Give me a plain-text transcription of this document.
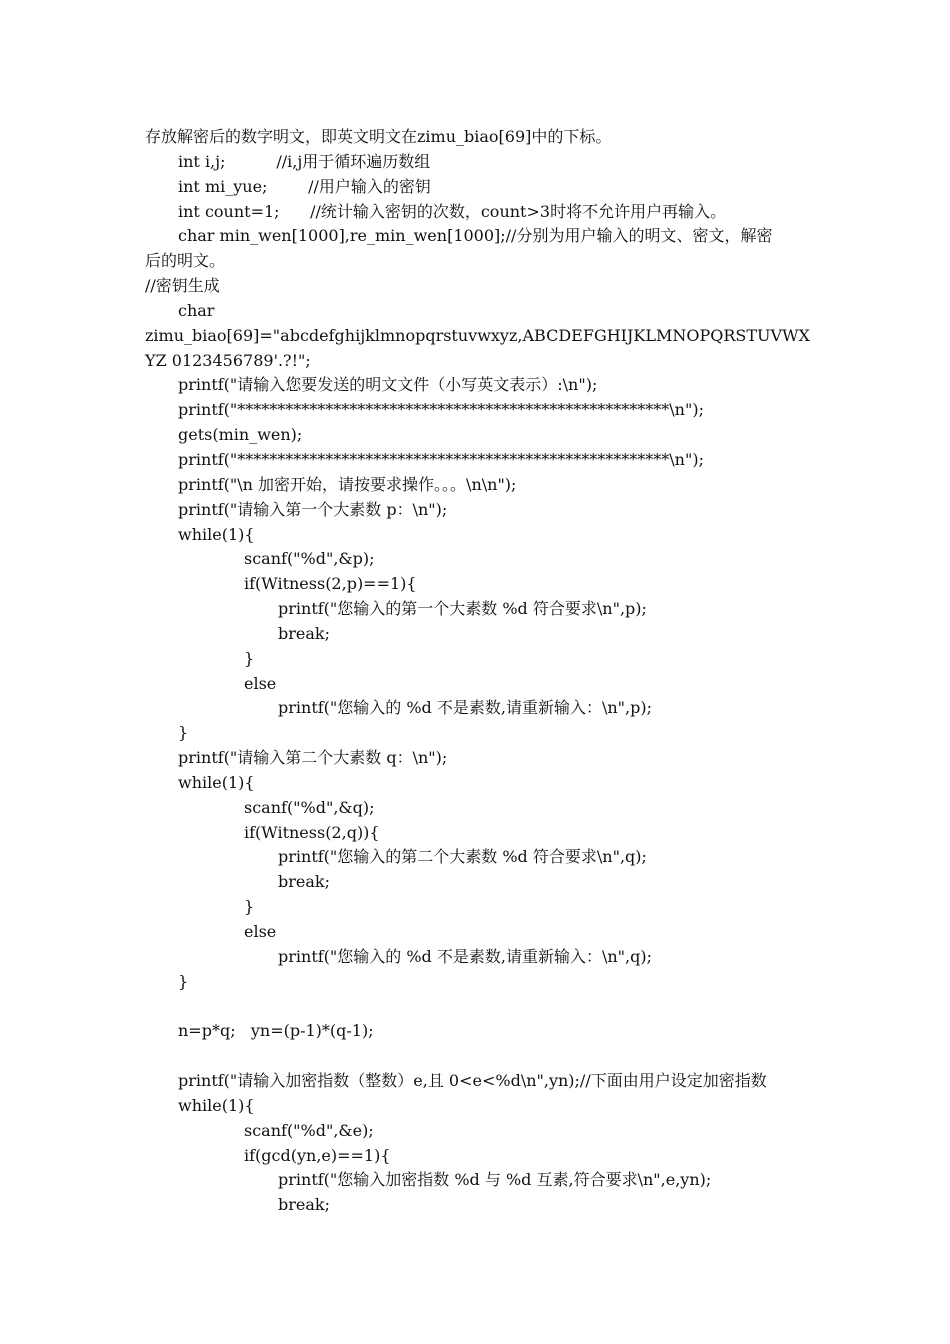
存放解密后的数字明文，即英文明文在zimu_biao[69]中的下标。
int i,j;          //i,j用于循环遍历数组
int mi_yue;        //用户输入的密钥
int count=1;      //统计输入密钥的次数，count>3时将不允许用户再输入。
char min_wen[1000],re_min_wen[1000];//分别为用户输入的明文、密文，解密
后的明文。
//密钥生成
char
zimu_biao[69]="abcdefghijklmnopqrstuvwxyz,ABCDEFGHIJKLMNOPQRSTUVWX
YZ 0123456789'.?!";
printf("请输入您要发送的明文文件（小写英文表示）:\n");
printf("******************************************************\n");
gets(min_wen);
printf("******************************************************\n");
printf("\n 加密开始，请按要求操作。。。\n\n");
printf("请输入第一个大素数 p：\n");
while(1){
scanf("%d",&p);
if(Witness(2,p)==1){
printf("您输入的第一个大素数 %d 符合要求\n",p);
break;
}
else
printf("您输入的 %d 不是素数,请重新输入：\n",p);
}
printf("请输入第二个大素数 q：\n");
while(1){
scanf("%d",&q);
if(Witness(2,q)){
printf("您输入的第二个大素数 %d 符合要求\n",q);
break;
}
else
printf("您输入的 %d 不是素数,请重新输入：\n",q);
}
n=p*q;   yn=(p-1)*(q-1);
printf("请输入加密指数（整数）e,且 0<e<%d\n",yn);//下面由用户设定加密指数
while(1){
scanf("%d",&e);
if(gcd(yn,e)==1){
printf("您输入加密指数 %d 与 %d 互素,符合要求\n",e,yn);
break;
